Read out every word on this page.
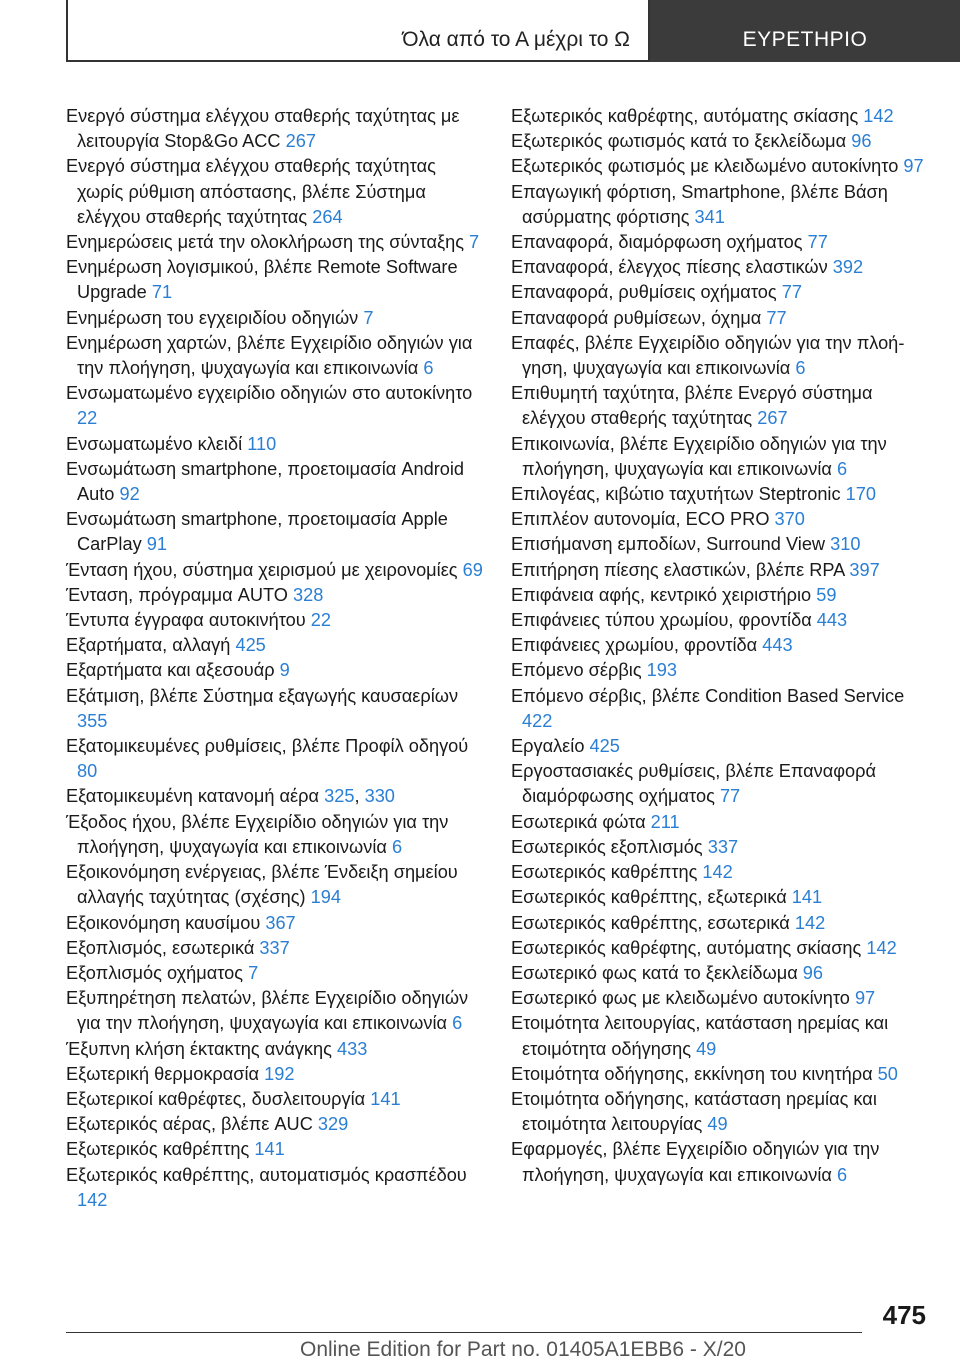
Όλα από το Α μέχρι το Ω	ΕΥΡΕΤΗΡΙΟ
Ενεργό σύστημα ελέγχου σταθερής ταχύτητας με λειτουργία Stop&Go ACC 267
Ενεργό σύστημα ελέγχου σταθερής ταχύτητας χωρίς ρύθμιση απόστασης, βλέπε Σύστημα ελέγχου σταθερής ταχύτητας 264
Ενημερώσεις μετά την ολοκλήρωση της σύνταξης 7
Ενημέρωση λογισμικού, βλέπε Remote Software Upgrade 71
Ενημέρωση του εγχειριδίου οδηγιών 7
Ενημέρωση χαρτών, βλέπε Εγχειρίδιο οδηγιών για την πλοήγηση, ψυχαγωγία και επικοινωνία 6
Ενσωματωμένο εγχειρίδιο οδηγιών στο αυτοκίνητο 22
Ενσωματωμένο κλειδί 110
Ενσωμάτωση smartphone, προετοιμασία Android Auto 92
Ενσωμάτωση smartphone, προετοιμασία Apple CarPlay 91
Ένταση ήχου, σύστημα χειρισμού με χειρονομίες 69
Ένταση, πρόγραμμα AUTO 328
Έντυπα έγγραφα αυτοκινήτου 22
Εξαρτήματα, αλλαγή 425
Εξαρτήματα και αξεσουάρ 9
Εξάτμιση, βλέπε Σύστημα εξαγωγής καυσαερίων 355
Εξατομικευμένες ρυθμίσεις, βλέπε Προφίλ οδηγού 80
Εξατομικευμένη κατανομή αέρα 325, 330
Έξοδος ήχου, βλέπε Εγχειρίδιο οδηγιών για την πλοήγηση, ψυχαγωγία και επικοινωνία 6
Εξοικονόμηση ενέργειας, βλέπε Ένδειξη σημείου αλλαγής ταχύτητας (σχέσης) 194
Εξοικονόμηση καυσίμου 367
Εξοπλισμός, εσωτερικά 337
Εξοπλισμός οχήματος 7
Εξυπηρέτηση πελατών, βλέπε Εγχειρίδιο οδηγιών για την πλοήγηση, ψυχαγωγία και επικοινωνία 6
Έξυπνη κλήση έκτακτης ανάγκης 433
Εξωτερική θερμοκρασία 192
Εξωτερικοί καθρέφτες, δυσλειτουργία 141
Εξωτερικός αέρας, βλέπε AUC 329
Εξωτερικός καθρέπτης 141
Εξωτερικός καθρέπτης, αυτοματισμός κρασπέδου 142
Εξωτερικός καθρέφτης, αυτόματης σκίασης 142
Εξωτερικός φωτισμός κατά το ξεκλείδωμα 96
Εξωτερικός φωτισμός με κλειδωμένο αυτοκίνητο 97
Επαγωγική φόρτιση, Smartphone, βλέπε Βάση ασύρματης φόρτισης 341
Επαναφορά, διαμόρφωση οχήματος 77
Επαναφορά, έλεγχος πίεσης ελαστικών 392
Επαναφορά, ρυθμίσεις οχήματος 77
Επαναφορά ρυθμίσεων, όχημα 77
Επαφές, βλέπε Εγχειρίδιο οδηγιών για την πλοήγηση, ψυχαγωγία και επικοινωνία 6
Επιθυμητή ταχύτητα, βλέπε Ενεργό σύστημα ελέγχου σταθερής ταχύτητας 267
Επικοινωνία, βλέπε Εγχειρίδιο οδηγιών για την πλοήγηση, ψυχαγωγία και επικοινωνία 6
Επιλογέας, κιβώτιο ταχυτήτων Steptronic 170
Επιπλέον αυτονομία, ECO PRO 370
Επισήμανση εμποδίων, Surround View 310
Επιτήρηση πίεσης ελαστικών, βλέπε RPA 397
Επιφάνεια αφής, κεντρικό χειριστήριο 59
Επιφάνειες τύπου χρωμίου, φροντίδα 443
Επιφάνειες χρωμίου, φροντίδα 443
Επόμενο σέρβις 193
Επόμενο σέρβις, βλέπε Condition Based Service 422
Εργαλείο 425
Εργοστασιακές ρυθμίσεις, βλέπε Επαναφορά διαμόρφωσης οχήματος 77
Εσωτερικά φώτα 211
Εσωτερικός εξοπλισμός 337
Εσωτερικός καθρέπτης 142
Εσωτερικός καθρέπτης, εξωτερικά 141
Εσωτερικός καθρέπτης, εσωτερικά 142
Εσωτερικός καθρέφτης, αυτόματης σκίασης 142
Εσωτερικό φως κατά το ξεκλείδωμα 96
Εσωτερικό φως με κλειδωμένο αυτοκίνητο 97
Ετοιμότητα λειτουργίας, κατάσταση ηρεμίας και ετοιμότητα οδήγησης 49
Ετοιμότητα οδήγησης, εκκίνηση του κινητήρα 50
Ετοιμότητα οδήγησης, κατάσταση ηρεμίας και ετοιμότητα λειτουργίας 49
Εφαρμογές, βλέπε Εγχειρίδιο οδηγιών για την πλοήγηση, ψυχαγωγία και επικοινωνία 6
475
Online Edition for Part no. 01405A1EBB6 - X/20
